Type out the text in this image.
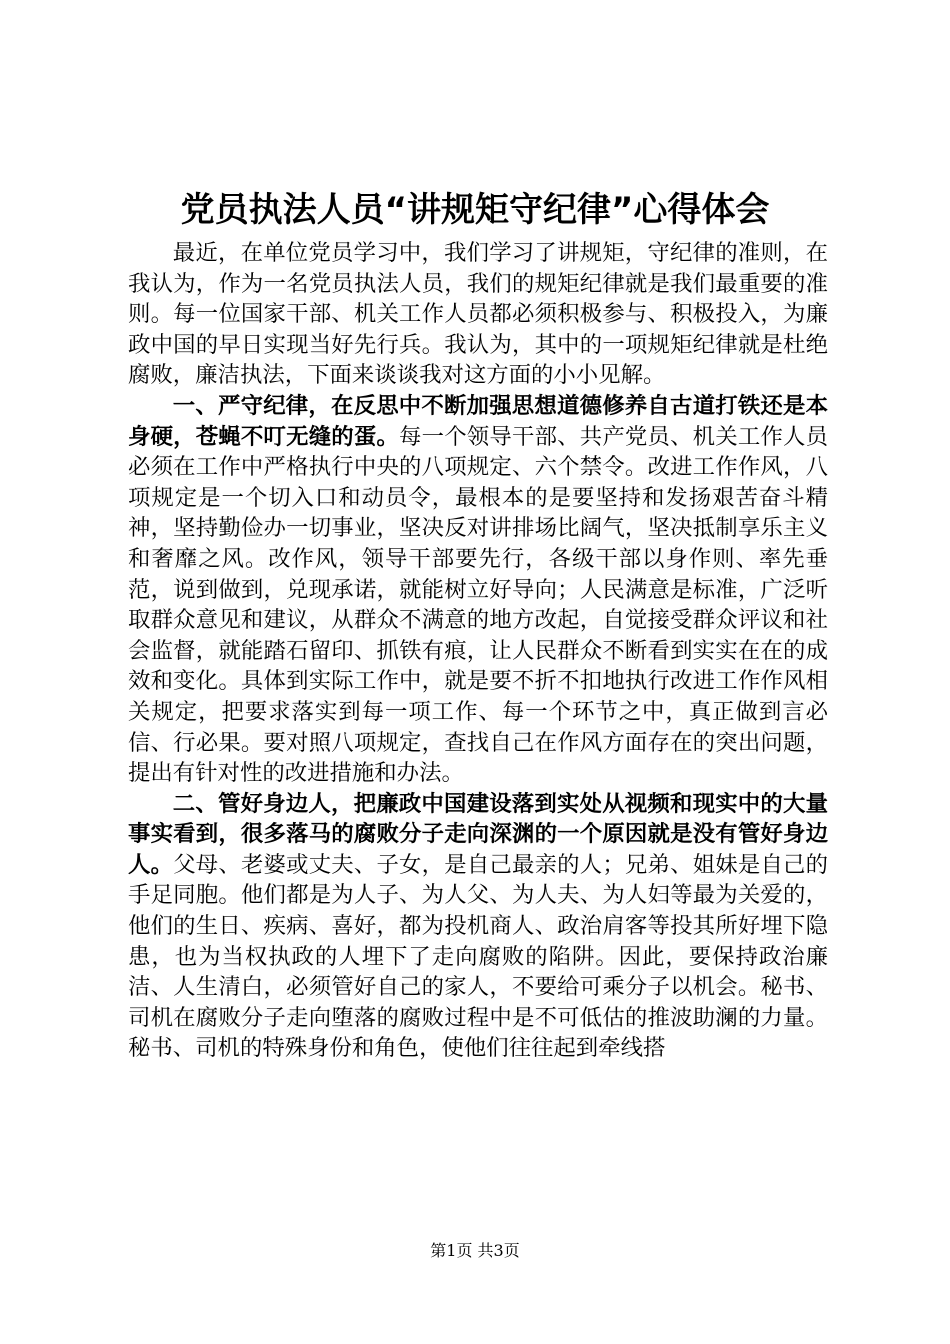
党员执法人员“讲规矩守纪律”心得体会

最近，在单位党员学习中，我们学习了讲规矩，守纪律的准则，在我认为，作为一名党员执法人员，我们的规矩纪律就是我们最重要的准则。每一位国家干部、机关工作人员都必须积极参与、积极投入，为廉政中国的早日实现当好先行兵。我认为，其中的一项规矩纪律就是杜绝腐败，廉洁执法，下面来谈谈我对这方面的小小见解。

一、严守纪律，在反思中不断加强思想道德修养自古道打铁还是本身硬，苍蝇不叮无缝的蛋。每一个领导干部、共产党员、机关工作人员必须在工作中严格执行中央的八项规定、六个禁令。改进工作作风，八项规定是一个切入口和动员令，最根本的是要坚持和发扬艰苦奋斗精神，坚持勤俭办一切事业，坚决反对讲排场比阔气，坚决抵制享乐主义和奢靡之风。改作风，领导干部要先行，各级干部以身作则、率先垂范，说到做到，兑现承诺，就能树立好导向；人民满意是标准，广泛听取群众意见和建议，从群众不满意的地方改起，自觉接受群众评议和社会监督，就能踏石留印、抓铁有痕，让人民群众不断看到实实在在的成效和变化。具体到实际工作中，就是要不折不扣地执行改进工作作风相关规定，把要求落实到每一项工作、每一个环节之中，真正做到言必信、行必果。要对照八项规定，查找自己在作风方面存在的突出问题，提出有针对性的改进措施和办法。

二、管好身边人，把廉政中国建设落到实处从视频和现实中的大量事实看到，很多落马的腐败分子走向深渊的一个原因就是没有管好身边人。父母、老婆或丈夫、子女，是自己最亲的人；兄弟、姐妹是自己的手足同胞。他们都是为人子、为人父、为人夫、为人妇等最为关爱的，他们的生日、疾病、喜好，都为投机商人、政治肩客等投其所好埋下隐患，也为当权执政的人埋下了走向腐败的陷阱。因此，要保持政治廉洁、人生清白，必须管好自己的家人，不要给可乘分子以机会。秘书、司机在腐败分子走向堕落的腐败过程中是不可低估的推波助澜的力量。秘书、司机的特殊身份和角色，使他们往往起到牵线搭

第1页 共3页
